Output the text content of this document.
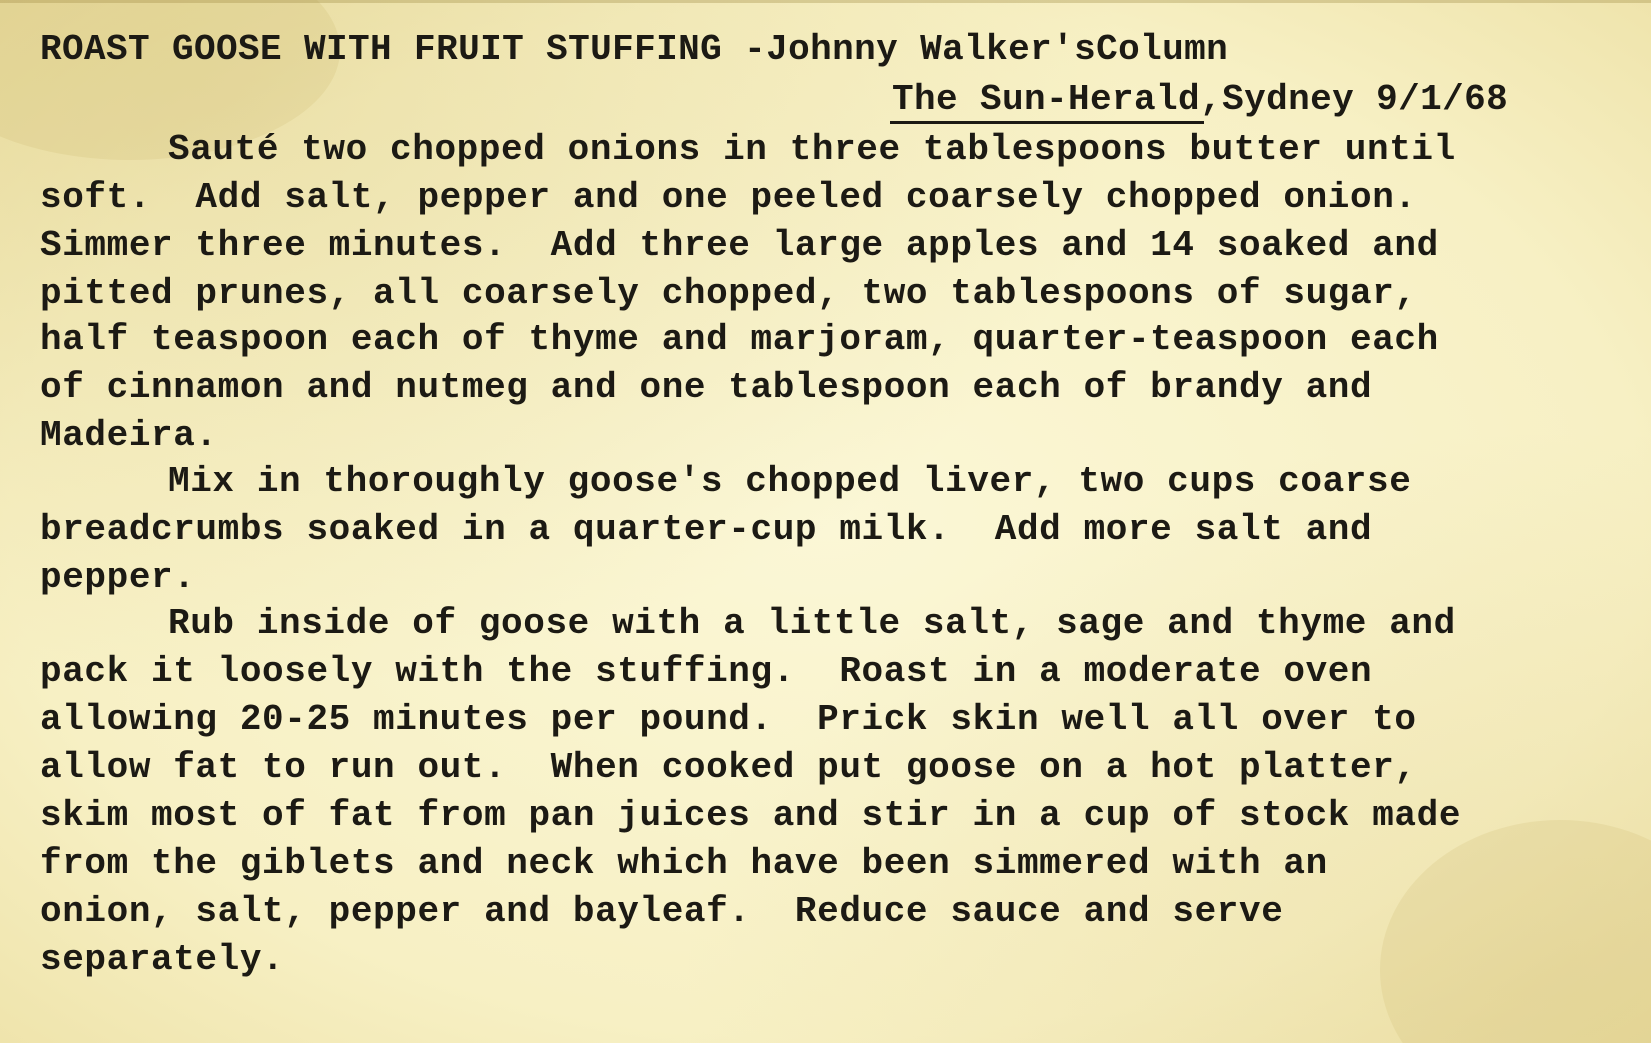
ROAST GOOSE WITH FRUIT STUFFING -Johnny Walker'sColumn
The Sun-Herald,Sydney 9/1/68
Sauté two chopped onions in three tablespoons butter until
soft.  Add salt, pepper and one peeled coarsely chopped onion.
Simmer three minutes.  Add three large apples and 14 soaked and
pitted prunes, all coarsely chopped, two tablespoons of sugar,
half teaspoon each of thyme and marjoram, quarter-teaspoon each
of cinnamon and nutmeg and one tablespoon each of brandy and
Madeira.
Mix in thoroughly goose's chopped liver, two cups coarse
breadcrumbs soaked in a quarter-cup milk.  Add more salt and
pepper.
Rub inside of goose with a little salt, sage and thyme and
pack it loosely with the stuffing.  Roast in a moderate oven
allowing 20-25 minutes per pound.  Prick skin well all over to
allow fat to run out.  When cooked put goose on a hot platter,
skim most of fat from pan juices and stir in a cup of stock made
from the giblets and neck which have been simmered with an
onion, salt, pepper and bayleaf.  Reduce sauce and serve
separately.
